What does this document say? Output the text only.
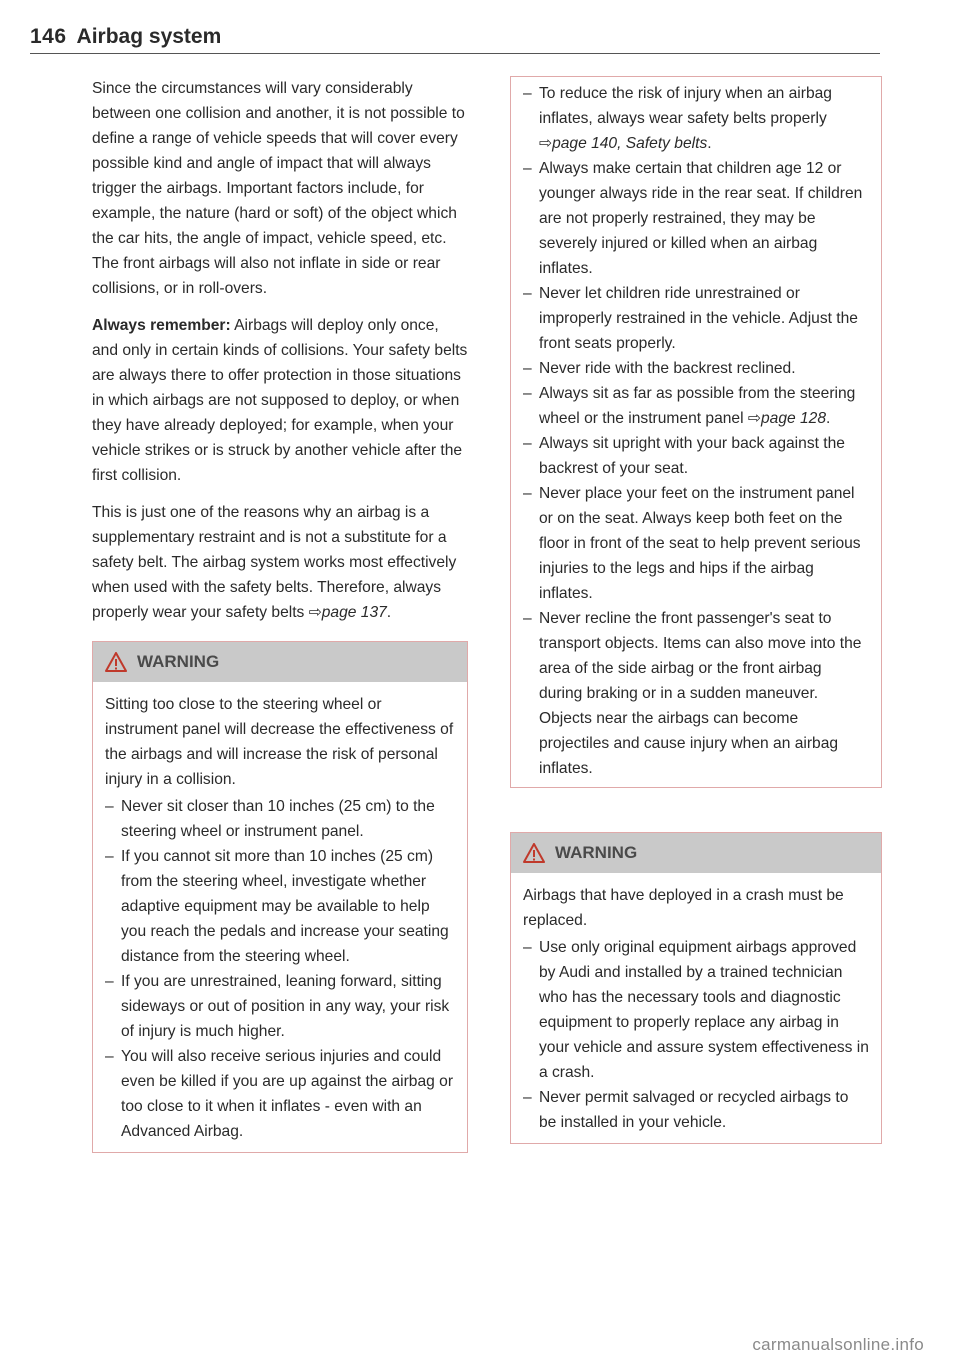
146 Airbag system

Since the circumstances will vary considerably between one collision and another, it is not possible to define a range of vehicle speeds that will cover every possible kind and angle of impact that will always trigger the airbags. Important factors include, for example, the nature (hard or soft) of the object which the car hits, the angle of impact, vehicle speed, etc. The front airbags will also not inflate in side or rear collisions, or in roll-overs.

Always remember: Airbags will deploy only once, and only in certain kinds of collisions. Your safety belts are always there to offer protection in those situations in which airbags are not supposed to deploy, or when they have already deployed; for example, when your vehicle strikes or is struck by another vehicle after the first collision.

This is just one of the reasons why an airbag is a supplementary restraint and is not a substitute for a safety belt. The airbag system works most effectively when used with the safety belts. Therefore, always properly wear your safety belts ⇨page 137.

WARNING

Sitting too close to the steering wheel or instrument panel will decrease the effectiveness of the airbags and will increase the risk of personal injury in a collision.

– Never sit closer than 10 inches (25 cm) to the steering wheel or instrument panel.
– If you cannot sit more than 10 inches (25 cm) from the steering wheel, investigate whether adaptive equipment may be available to help you reach the pedals and increase your seating distance from the steering wheel.
– If you are unrestrained, leaning forward, sitting sideways or out of position in any way, your risk of injury is much higher.
– You will also receive serious injuries and could even be killed if you are up against the airbag or too close to it when it inflates - even with an Advanced Airbag.
– To reduce the risk of injury when an airbag inflates, always wear safety belts properly ⇨page 140, Safety belts.
– Always make certain that children age 12 or younger always ride in the rear seat. If children are not properly restrained, they may be severely injured or killed when an airbag inflates.
– Never let children ride unrestrained or improperly restrained in the vehicle. Adjust the front seats properly.
– Never ride with the backrest reclined.
– Always sit as far as possible from the steering wheel or the instrument panel ⇨page 128.
– Always sit upright with your back against the backrest of your seat.
– Never place your feet on the instrument panel or on the seat. Always keep both feet on the floor in front of the seat to help prevent serious injuries to the legs and hips if the airbag inflates.
– Never recline the front passenger's seat to transport objects. Items can also move into the area of the side airbag or the front airbag during braking or in a sudden maneuver. Objects near the airbags can become projectiles and cause injury when an airbag inflates.
WARNING

Airbags that have deployed in a crash must be replaced.

– Use only original equipment airbags approved by Audi and installed by a trained technician who has the necessary tools and diagnostic equipment to properly replace any airbag in your vehicle and assure system effectiveness in a crash.
– Never permit salvaged or recycled airbags to be installed in your vehicle.
carmanualsonline.info
